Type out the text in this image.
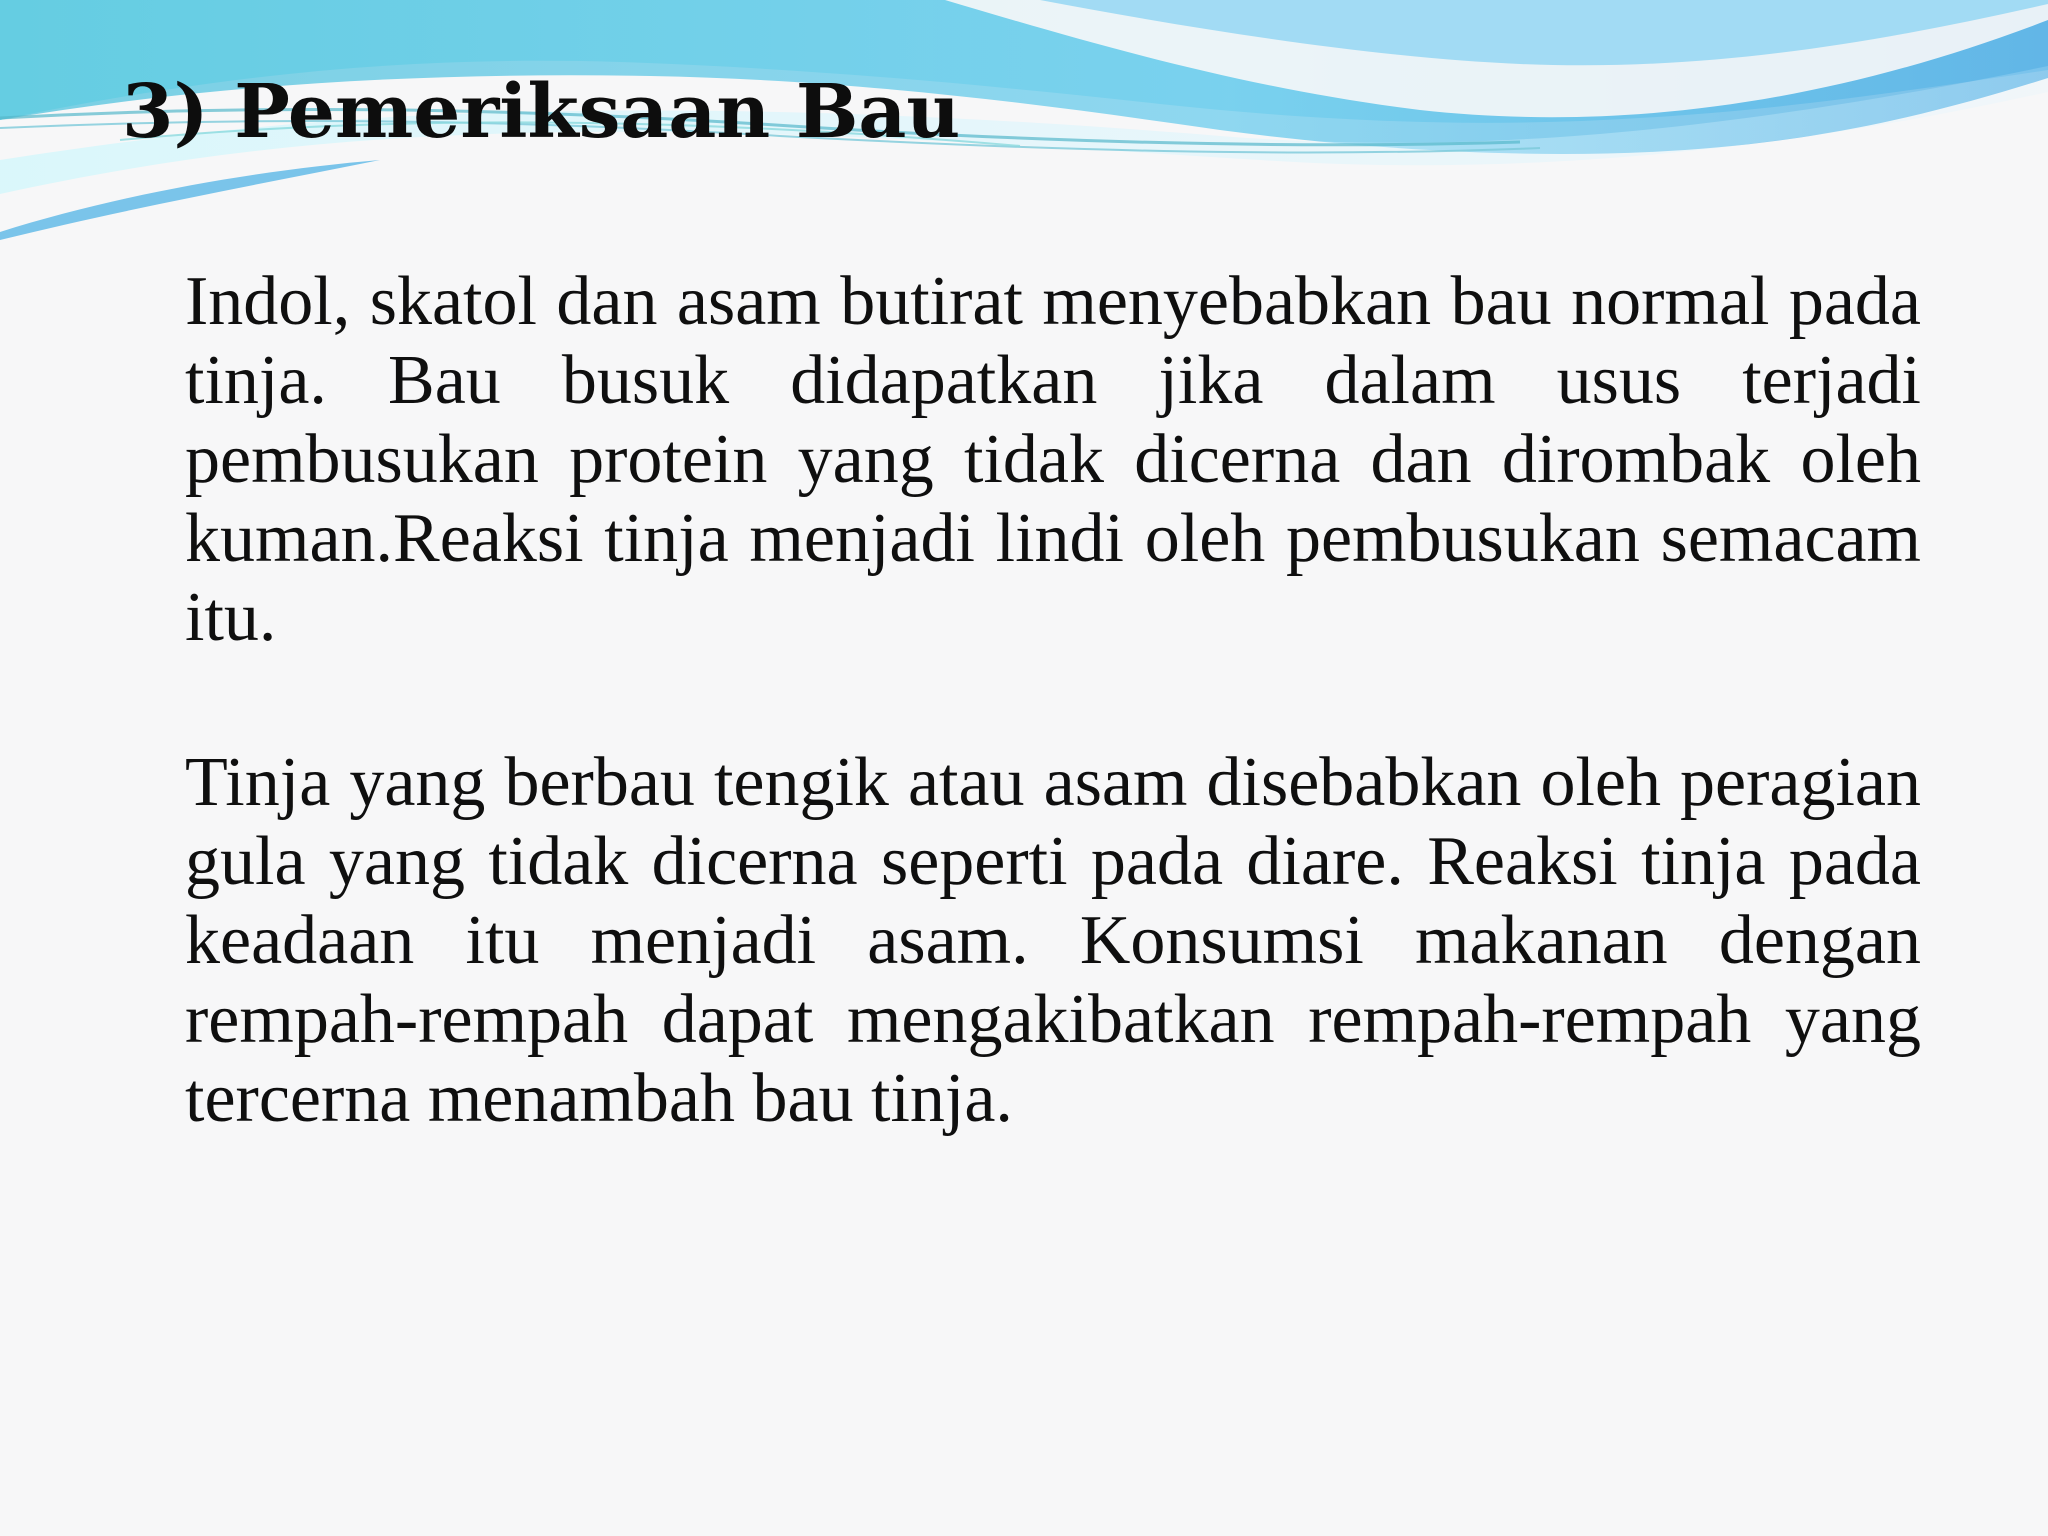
3) Pemeriksaan Bau

Indol, skatol dan asam butirat menyebabkan bau normal pada tinja. Bau busuk didapatkan jika dalam usus terjadi pembusukan protein yang tidak dicerna dan dirombak oleh kuman.Reaksi tinja menjadi lindi oleh pembusukan semacam itu.

Tinja yang berbau tengik atau asam disebabkan oleh peragian gula yang tidak dicerna seperti pada diare. Reaksi tinja pada keadaan itu menjadi asam. Konsumsi makanan dengan rempah-rempah dapat mengakibatkan rempah-rempah yang tercerna menambah bau tinja.
